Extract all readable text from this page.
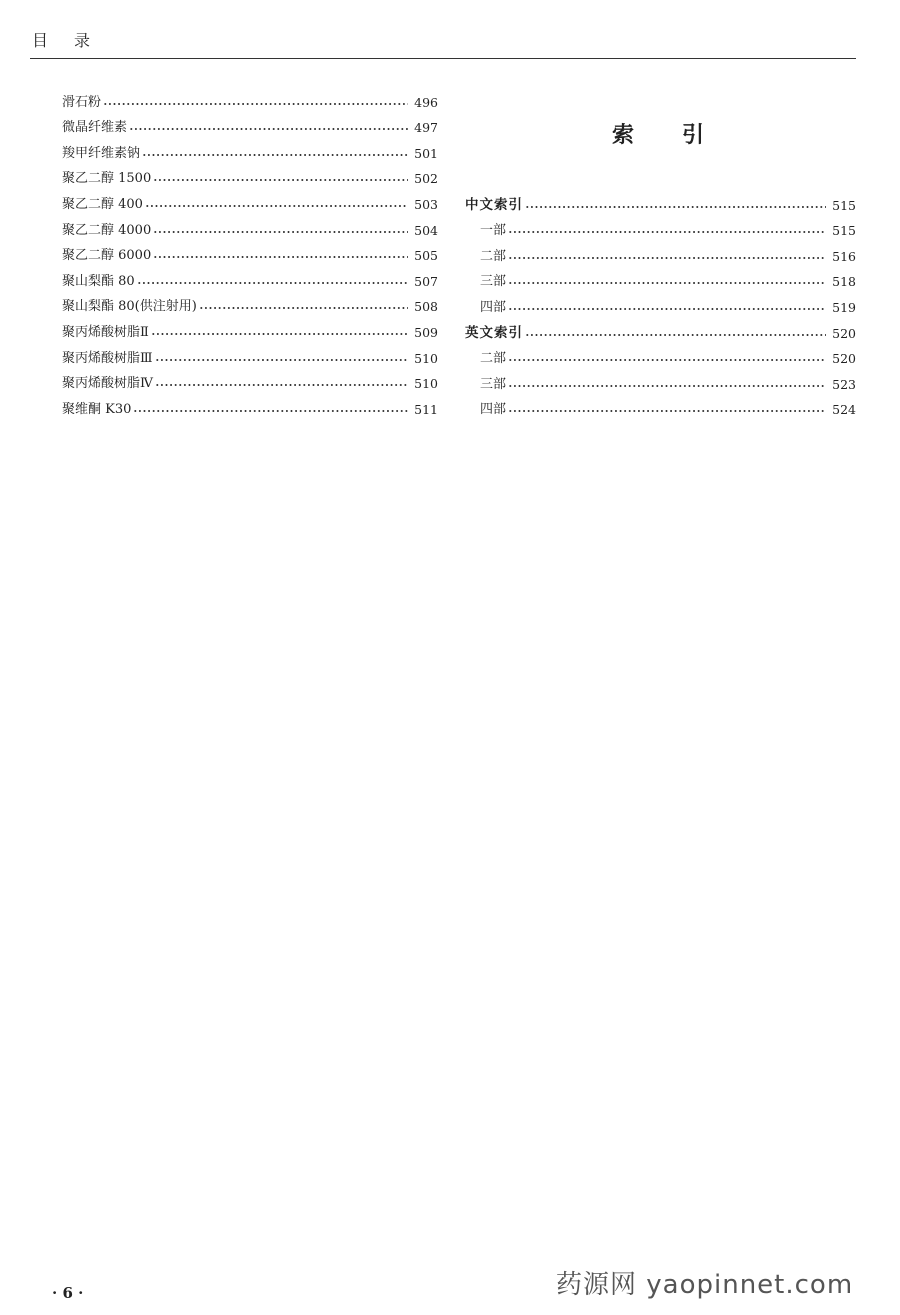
目录
滑石粉	496
微晶纤维素	497
羧甲纤维素钠	501
聚乙二醇 1500	502
聚乙二醇 400	503
聚乙二醇 4000	504
聚乙二醇 6000	505
聚山梨酯 80	507
聚山梨酯 80(供注射用)	508
聚丙烯酸树脂Ⅱ	509
聚丙烯酸树脂Ⅲ	510
聚丙烯酸树脂Ⅳ	510
聚维酮 K30	511
索引
中文索引	515
一部	515
二部	516
三部	518
四部	519
英文索引	520
二部	520
三部	523
四部	524
· 6 ·	药源网 yaopinnet.com
